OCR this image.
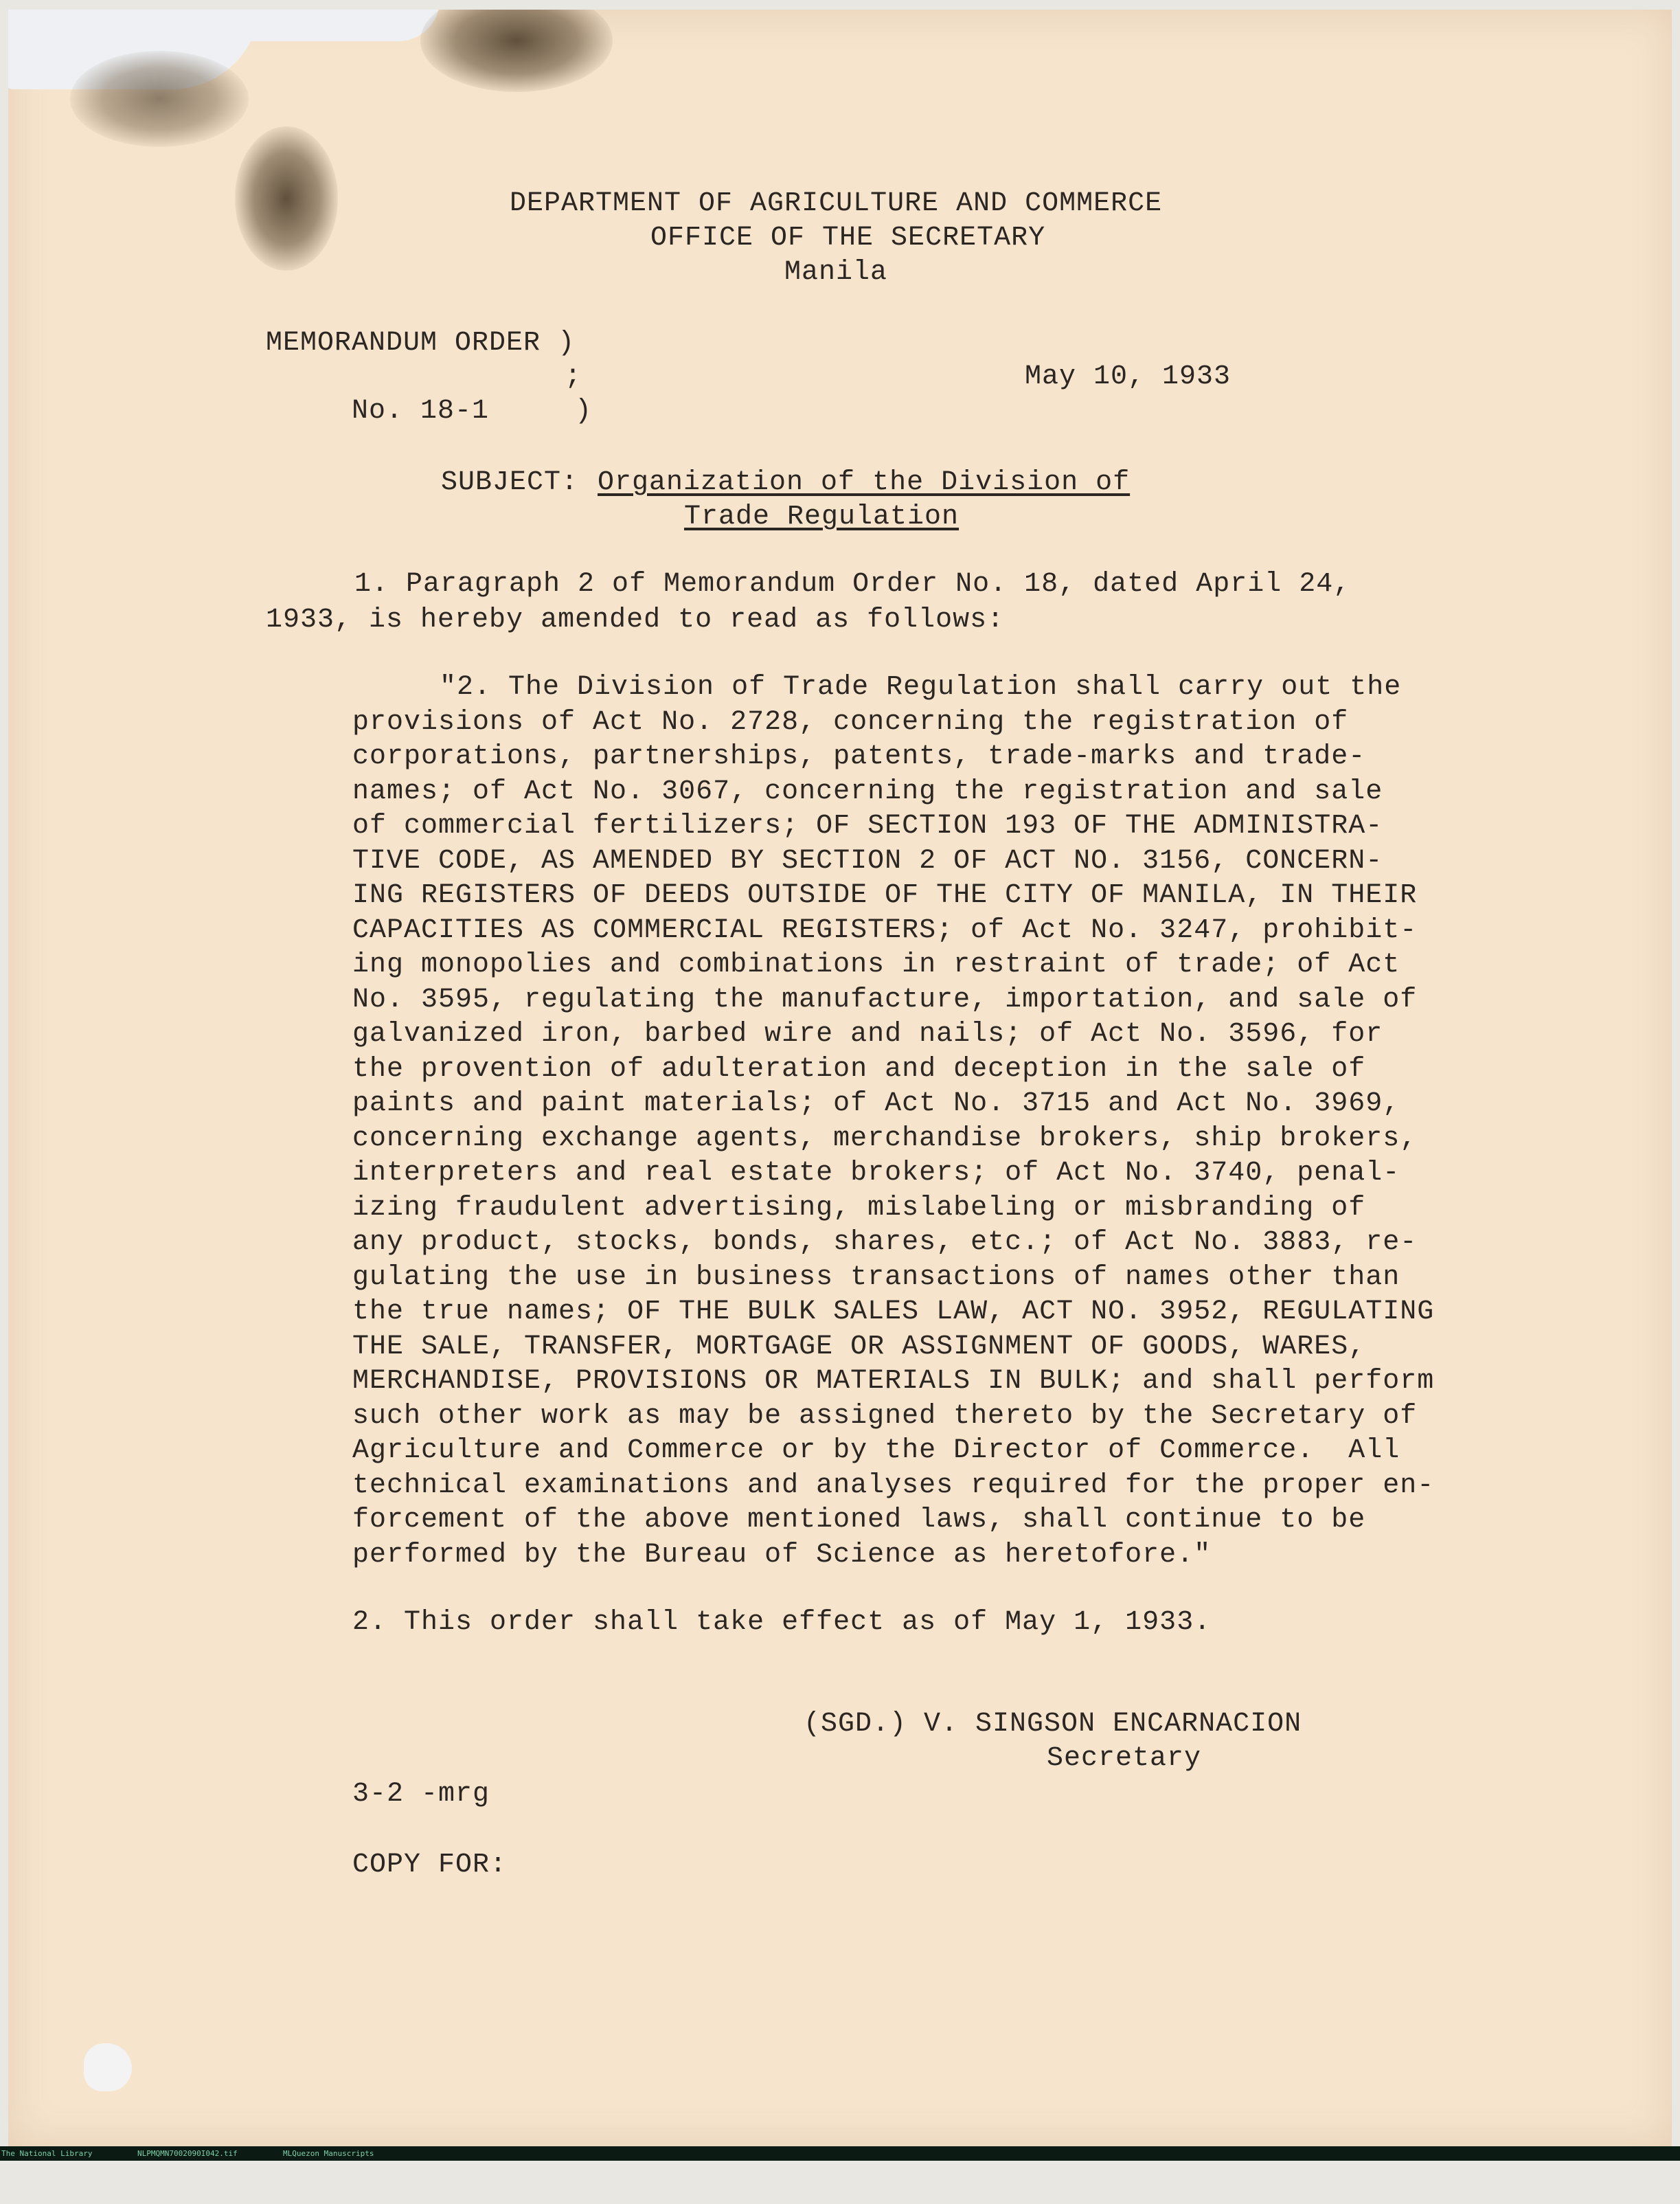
DEPARTMENT OF AGRICULTURE AND COMMERCE
OFFICE OF THE SECRETARY
Manila
MEMORANDUM ORDER )
;
No. 18-1     )
May 10, 1933
SUBJECT: Organization of the Division of
Trade Regulation
1. Paragraph 2 of Memorandum Order No. 18, dated April 24,
1933, is hereby amended to read as follows:
"2. The Division of Trade Regulation shall carry out the
provisions of Act No. 2728, concerning the registration of
corporations, partnerships, patents, trade-marks and trade-
names; of Act No. 3067, concerning the registration and sale
of commercial fertilizers; OF SECTION 193 OF THE ADMINISTRA-
TIVE CODE, AS AMENDED BY SECTION 2 OF ACT NO. 3156, CONCERN-
ING REGISTERS OF DEEDS OUTSIDE OF THE CITY OF MANILA, IN THEIR
CAPACITIES AS COMMERCIAL REGISTERS; of Act No. 3247, prohibit-
ing monopolies and combinations in restraint of trade; of Act
No. 3595, regulating the manufacture, importation, and sale of
galvanized iron, barbed wire and nails; of Act No. 3596, for
the provention of adulteration and deception in the sale of
paints and paint materials; of Act No. 3715 and Act No. 3969,
concerning exchange agents, merchandise brokers, ship brokers,
interpreters and real estate brokers; of Act No. 3740, penal-
izing fraudulent advertising, mislabeling or misbranding of
any product, stocks, bonds, shares, etc.; of Act No. 3883, re-
gulating the use in business transactions of names other than
the true names; OF THE BULK SALES LAW, ACT NO. 3952, REGULATING
THE SALE, TRANSFER, MORTGAGE OR ASSIGNMENT OF GOODS, WARES,
MERCHANDISE, PROVISIONS OR MATERIALS IN BULK; and shall perform
such other work as may be assigned thereto by the Secretary of
Agriculture and Commerce or by the Director of Commerce.  All
technical examinations and analyses required for the proper en-
forcement of the above mentioned laws, shall continue to be
performed by the Bureau of Science as heretofore."
2. This order shall take effect as of May 1, 1933.
(SGD.) V. SINGSON ENCARNACION
Secretary
3-2 -mrg
COPY FOR:

The National Library

	NLPMQMN7002090I042.tif

	MLQuezon Manuscripts
